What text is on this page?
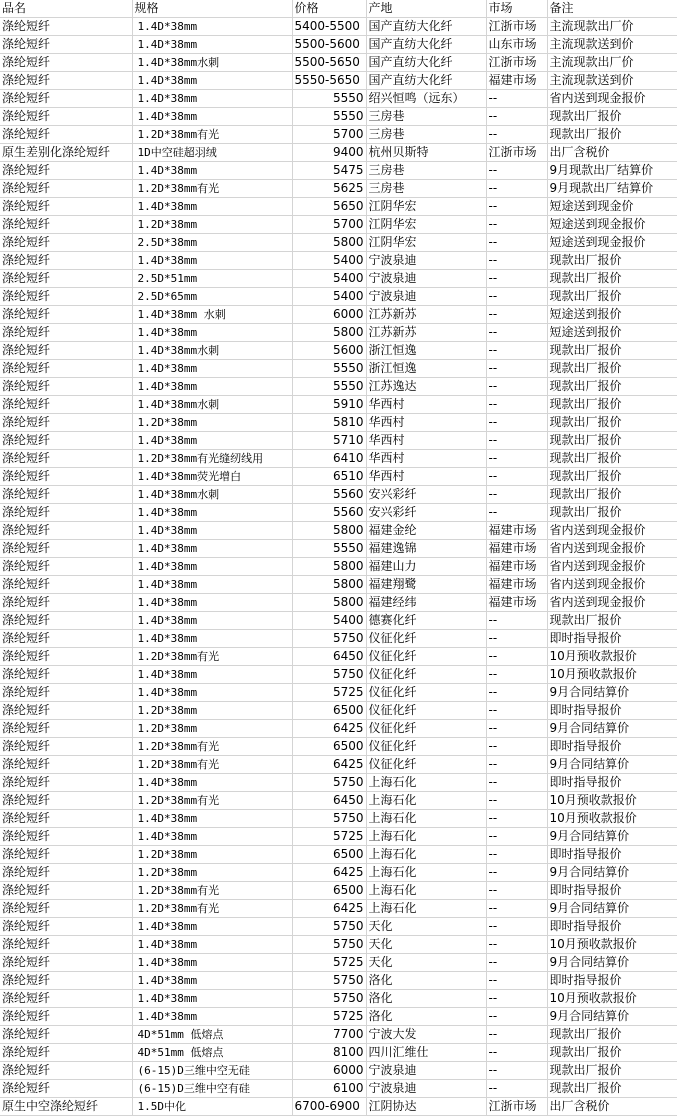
品名	规格	价格	产地	市场	备注
涤纶短纤	1.4D*38mm	5400-5500	国产直纺大化纤	江浙市场	主流现款出厂价
涤纶短纤	1.4D*38mm	5500-5600	国产直纺大化纤	山东市场	主流现款送到价
涤纶短纤	1.4D*38mm水刺	5500-5650	国产直纺大化纤	江浙市场	主流现款出厂价
涤纶短纤	1.4D*38mm	5550-5650	国产直纺大化纤	福建市场	主流现款送到价
涤纶短纤	1.4D*38mm	5550	绍兴恒鸣（远东）	--	省内送到现金报价
涤纶短纤	1.4D*38mm	5550	三房巷	--	现款出厂报价
涤纶短纤	1.2D*38mm有光	5700	三房巷	--	现款出厂报价
原生差别化涤纶短纤	1D中空硅超羽绒	9400	杭州贝斯特	江浙市场	出厂含税价
涤纶短纤	1.4D*38mm	5475	三房巷	--	9月现款出厂结算价
涤纶短纤	1.2D*38mm有光	5625	三房巷	--	9月现款出厂结算价
涤纶短纤	1.4D*38mm	5650	江阴华宏	--	短途送到现金价
涤纶短纤	1.2D*38mm	5700	江阴华宏	--	短途送到现金报价
涤纶短纤	2.5D*38mm	5800	江阴华宏	--	短途送到现金报价
涤纶短纤	1.4D*38mm	5400	宁波泉迪	--	现款出厂报价
涤纶短纤	2.5D*51mm	5400	宁波泉迪	--	现款出厂报价
涤纶短纤	2.5D*65mm	5400	宁波泉迪	--	现款出厂报价
涤纶短纤	1.4D*38mm 水刺	6000	江苏新苏	--	短途送到报价
涤纶短纤	1.4D*38mm	5800	江苏新苏	--	短途送到报价
涤纶短纤	1.4D*38mm水刺	5600	浙江恒逸	--	现款出厂报价
涤纶短纤	1.4D*38mm	5550	浙江恒逸	--	现款出厂报价
涤纶短纤	1.4D*38mm	5550	江苏逸达	--	现款出厂报价
涤纶短纤	1.4D*38mm水刺	5910	华西村	--	现款出厂报价
涤纶短纤	1.2D*38mm	5810	华西村	--	现款出厂报价
涤纶短纤	1.4D*38mm	5710	华西村	--	现款出厂报价
涤纶短纤	1.2D*38mm有光缝纫线用	6410	华西村	--	现款出厂报价
涤纶短纤	1.4D*38mm荧光增白	6510	华西村	--	现款出厂报价
涤纶短纤	1.4D*38mm水刺	5560	安兴彩纤	--	现款出厂报价
涤纶短纤	1.4D*38mm	5560	安兴彩纤	--	现款出厂报价
涤纶短纤	1.4D*38mm	5800	福建金纶	福建市场	省内送到现金报价
涤纶短纤	1.4D*38mm	5550	福建逸锦	福建市场	省内送到现金报价
涤纶短纤	1.4D*38mm	5800	福建山力	福建市场	省内送到现金报价
涤纶短纤	1.4D*38mm	5800	福建翔鹭	福建市场	省内送到现金报价
涤纶短纤	1.4D*38mm	5800	福建经纬	福建市场	省内送到现金报价
涤纶短纤	1.4D*38mm	5400	德赛化纤	--	现款出厂报价
涤纶短纤	1.4D*38mm	5750	仪征化纤	--	即时指导报价
涤纶短纤	1.2D*38mm有光	6450	仪征化纤	--	10月预收款报价
涤纶短纤	1.4D*38mm	5750	仪征化纤	--	10月预收款报价
涤纶短纤	1.4D*38mm	5725	仪征化纤	--	9月合同结算价
涤纶短纤	1.2D*38mm	6500	仪征化纤	--	即时指导报价
涤纶短纤	1.2D*38mm	6425	仪征化纤	--	9月合同结算价
涤纶短纤	1.2D*38mm有光	6500	仪征化纤	--	即时指导报价
涤纶短纤	1.2D*38mm有光	6425	仪征化纤	--	9月合同结算价
涤纶短纤	1.4D*38mm	5750	上海石化	--	即时指导报价
涤纶短纤	1.2D*38mm有光	6450	上海石化	--	10月预收款报价
涤纶短纤	1.4D*38mm	5750	上海石化	--	10月预收款报价
涤纶短纤	1.4D*38mm	5725	上海石化	--	9月合同结算价
涤纶短纤	1.2D*38mm	6500	上海石化	--	即时指导报价
涤纶短纤	1.2D*38mm	6425	上海石化	--	9月合同结算价
涤纶短纤	1.2D*38mm有光	6500	上海石化	--	即时指导报价
涤纶短纤	1.2D*38mm有光	6425	上海石化	--	9月合同结算价
涤纶短纤	1.4D*38mm	5750	天化	--	即时指导报价
涤纶短纤	1.4D*38mm	5750	天化	--	10月预收款报价
涤纶短纤	1.4D*38mm	5725	天化	--	9月合同结算价
涤纶短纤	1.4D*38mm	5750	洛化	--	即时指导报价
涤纶短纤	1.4D*38mm	5750	洛化	--	10月预收款报价
涤纶短纤	1.4D*38mm	5725	洛化	--	9月合同结算价
涤纶短纤	4D*51mm 低熔点	7700	宁波大发	--	现款出厂报价
涤纶短纤	4D*51mm 低熔点	8100	四川汇维仕	--	现款出厂报价
涤纶短纤	(6-15)D三维中空无硅	6000	宁波泉迪	--	现款出厂报价
涤纶短纤	(6-15)D三维中空有硅	6100	宁波泉迪	--	现款出厂报价
原生中空涤纶短纤	1.5D中化	6700-6900	江阴协达	江浙市场	出厂含税价
